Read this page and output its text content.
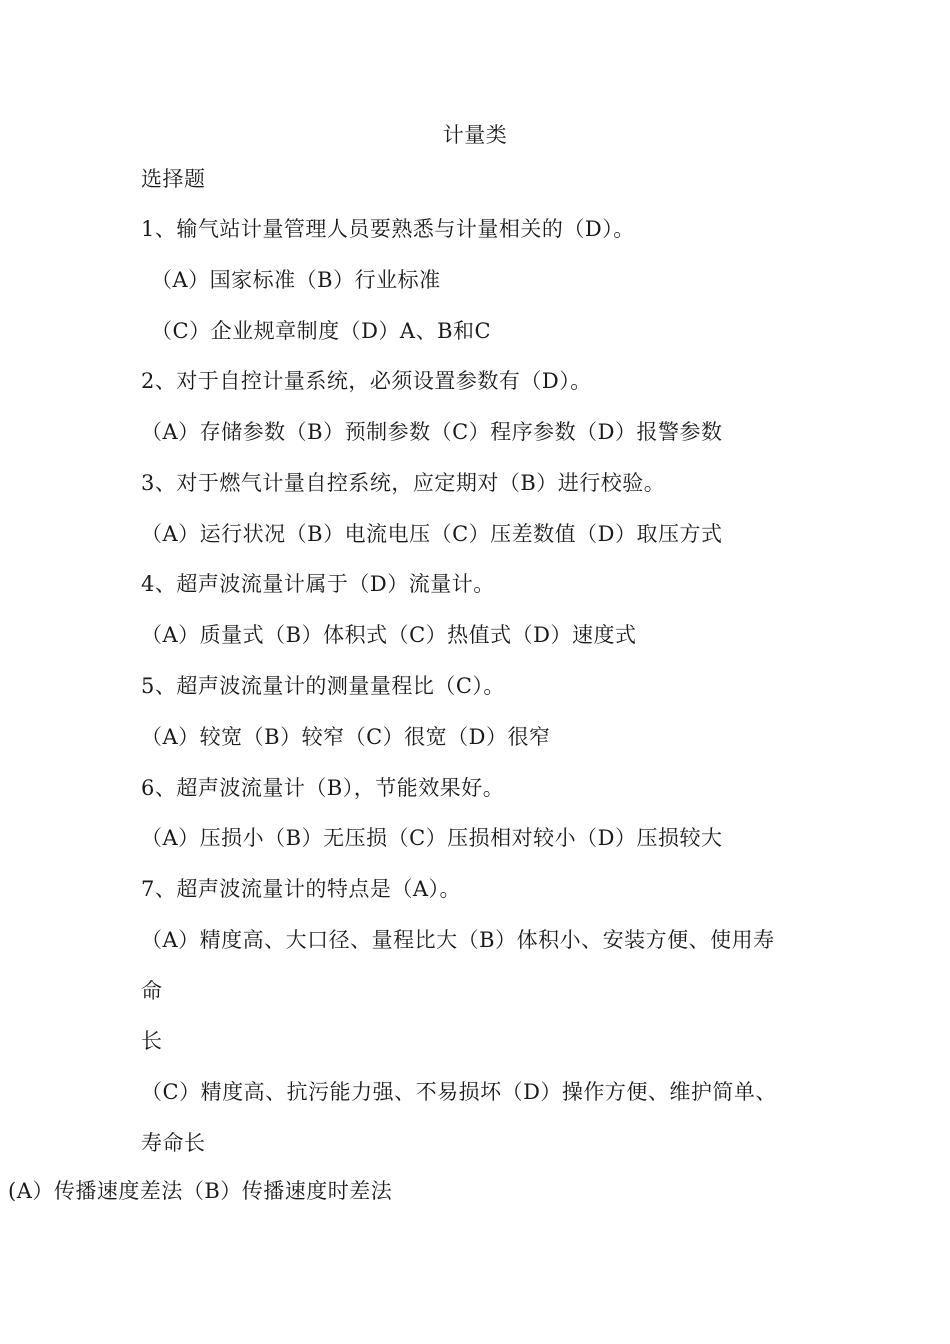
计量类
选择题
1、输气站计量管理人员要熟悉与计量相关的（D）。
（A）国家标准（B）行业标准
（C）企业规章制度（D）A、B和C
2、对于自控计量系统，必须设置参数有（D）。
（A）存储参数（B）预制参数（C）程序参数（D）报警参数
3、对于燃气计量自控系统，应定期对（B）进行校验。
（A）运行状况（B）电流电压（C）压差数值（D）取压方式
4、超声波流量计属于（D）流量计。
（A）质量式（B）体积式（C）热值式（D）速度式
5、超声波流量计的测量量程比（C）。
（A）较宽（B）较窄（C）很宽（D）很窄
6、超声波流量计（B），节能效果好。
（A）压损小（B）无压损（C）压损相对较小（D）压损较大
7、超声波流量计的特点是（A）。
（A）精度高、大口径、量程比大（B）体积小、安装方便、使用寿
命
长
（C）精度高、抗污能力强、不易损坏（D）操作方便、维护简单、
寿命长
(A）传播速度差法（B）传播速度时差法
